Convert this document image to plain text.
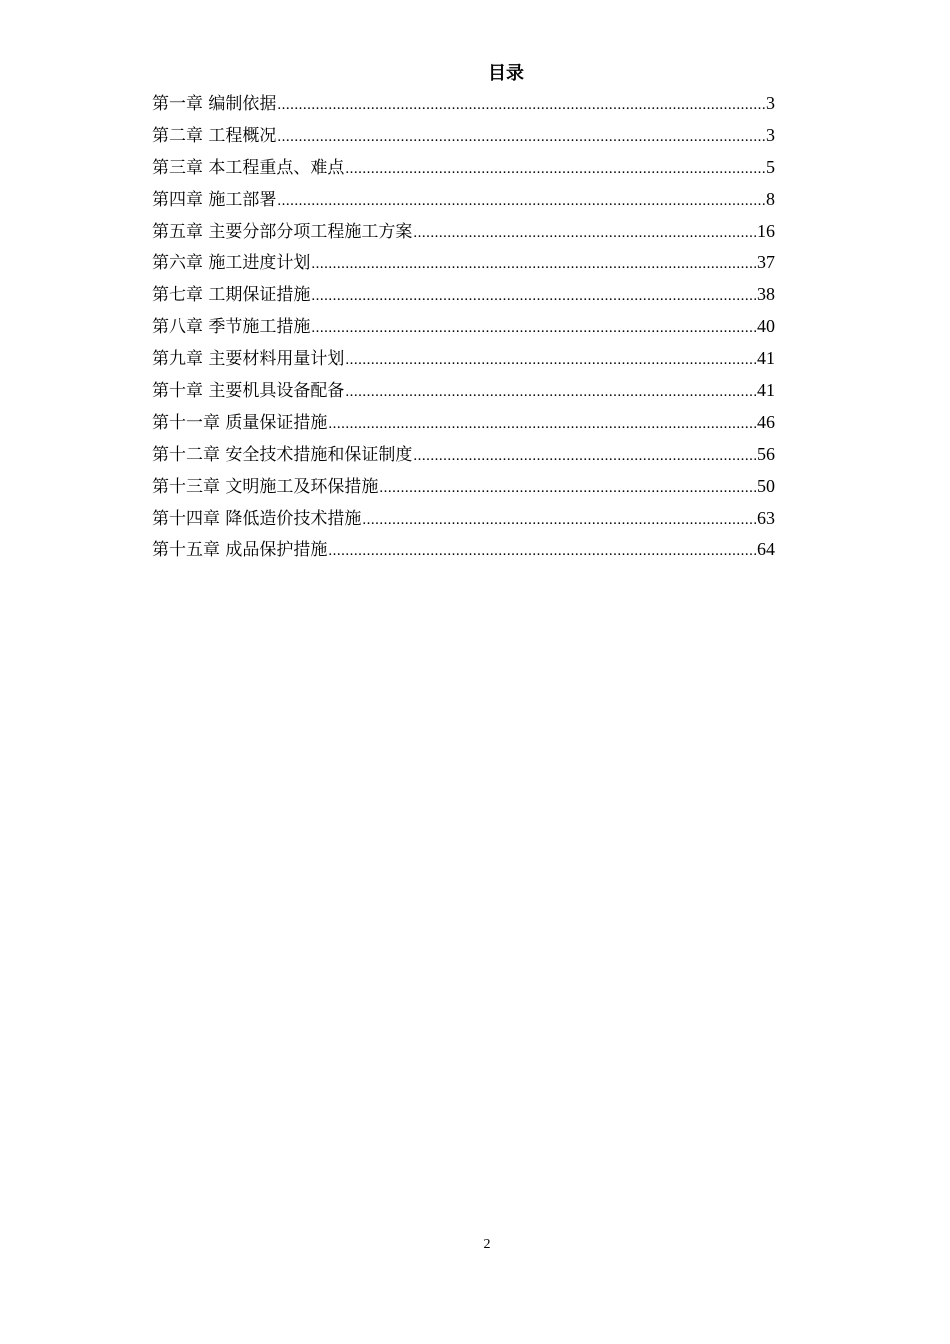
目录
第一章 编制依据 .....	3
第二章 工程概况 .....	3
第三章 本工程重点、难点 .....	5
第四章 施工部署 .....	8
第五章 主要分部分项工程施工方案 .....	16
第六章 施工进度计划 .....	37
第七章 工期保证措施 .....	38
第八章 季节施工措施 .....	40
第九章 主要材料用量计划 .....	41
第十章 主要机具设备配备 .....	41
第十一章 质量保证措施 .....	46
第十二章 安全技术措施和保证制度 .....	56
第十三章 文明施工及环保措施 .....	50
第十四章 降低造价技术措施 .....	63
第十五章 成品保护措施 .....	64
2
